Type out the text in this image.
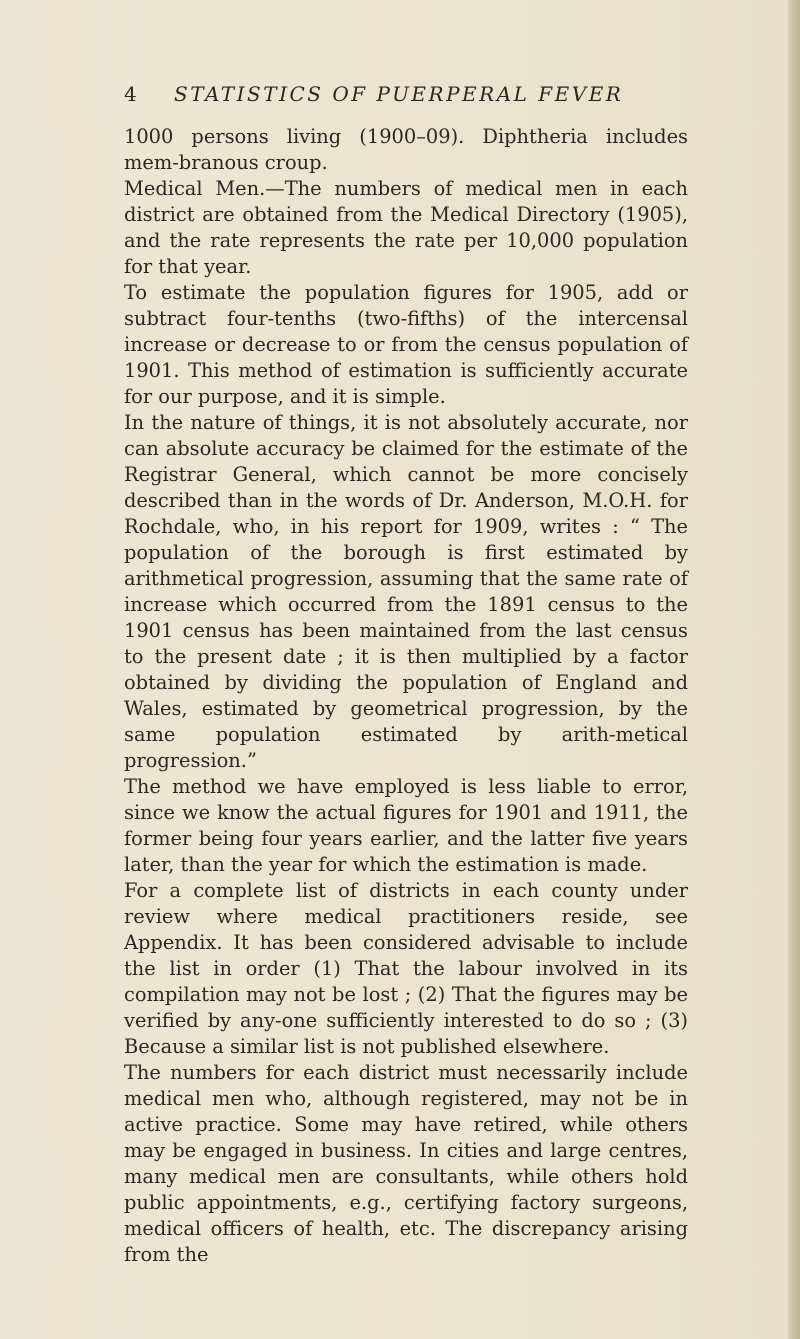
4 STATISTICS OF PUERPERAL FEVER

1000 persons living (1900–09). Diphtheria includes mem-branous croup.

Medical Men.—The numbers of medical men in each district are obtained from the Medical Directory (1905), and the rate represents the rate per 10,000 population for that year.

To estimate the population figures for 1905, add or subtract four-tenths (two-fifths) of the intercensal increase or decrease to or from the census population of 1901. This method of estimation is sufficiently accurate for our purpose, and it is simple.

In the nature of things, it is not absolutely accurate, nor can absolute accuracy be claimed for the estimate of the Registrar General, which cannot be more concisely described than in the words of Dr. Anderson, M.O.H. for Rochdale, who, in his report for 1909, writes : “ The population of the borough is first estimated by arithmetical progression, assuming that the same rate of increase which occurred from the 1891 census to the 1901 census has been maintained from the last census to the present date ; it is then multiplied by a factor obtained by dividing the population of England and Wales, estimated by geometrical progression, by the same population estimated by arith-metical progression.”

The method we have employed is less liable to error, since we know the actual figures for 1901 and 1911, the former being four years earlier, and the latter five years later, than the year for which the estimation is made.

For a complete list of districts in each county under review where medical practitioners reside, see Appendix. It has been considered advisable to include the list in order (1) That the labour involved in its compilation may not be lost ; (2) That the figures may be verified by any-one sufficiently interested to do so ; (3) Because a similar list is not published elsewhere.

The numbers for each district must necessarily include medical men who, although registered, may not be in active practice. Some may have retired, while others may be engaged in business. In cities and large centres, many medical men are consultants, while others hold public appointments, e.g., certifying factory surgeons, medical officers of health, etc. The discrepancy arising from the
